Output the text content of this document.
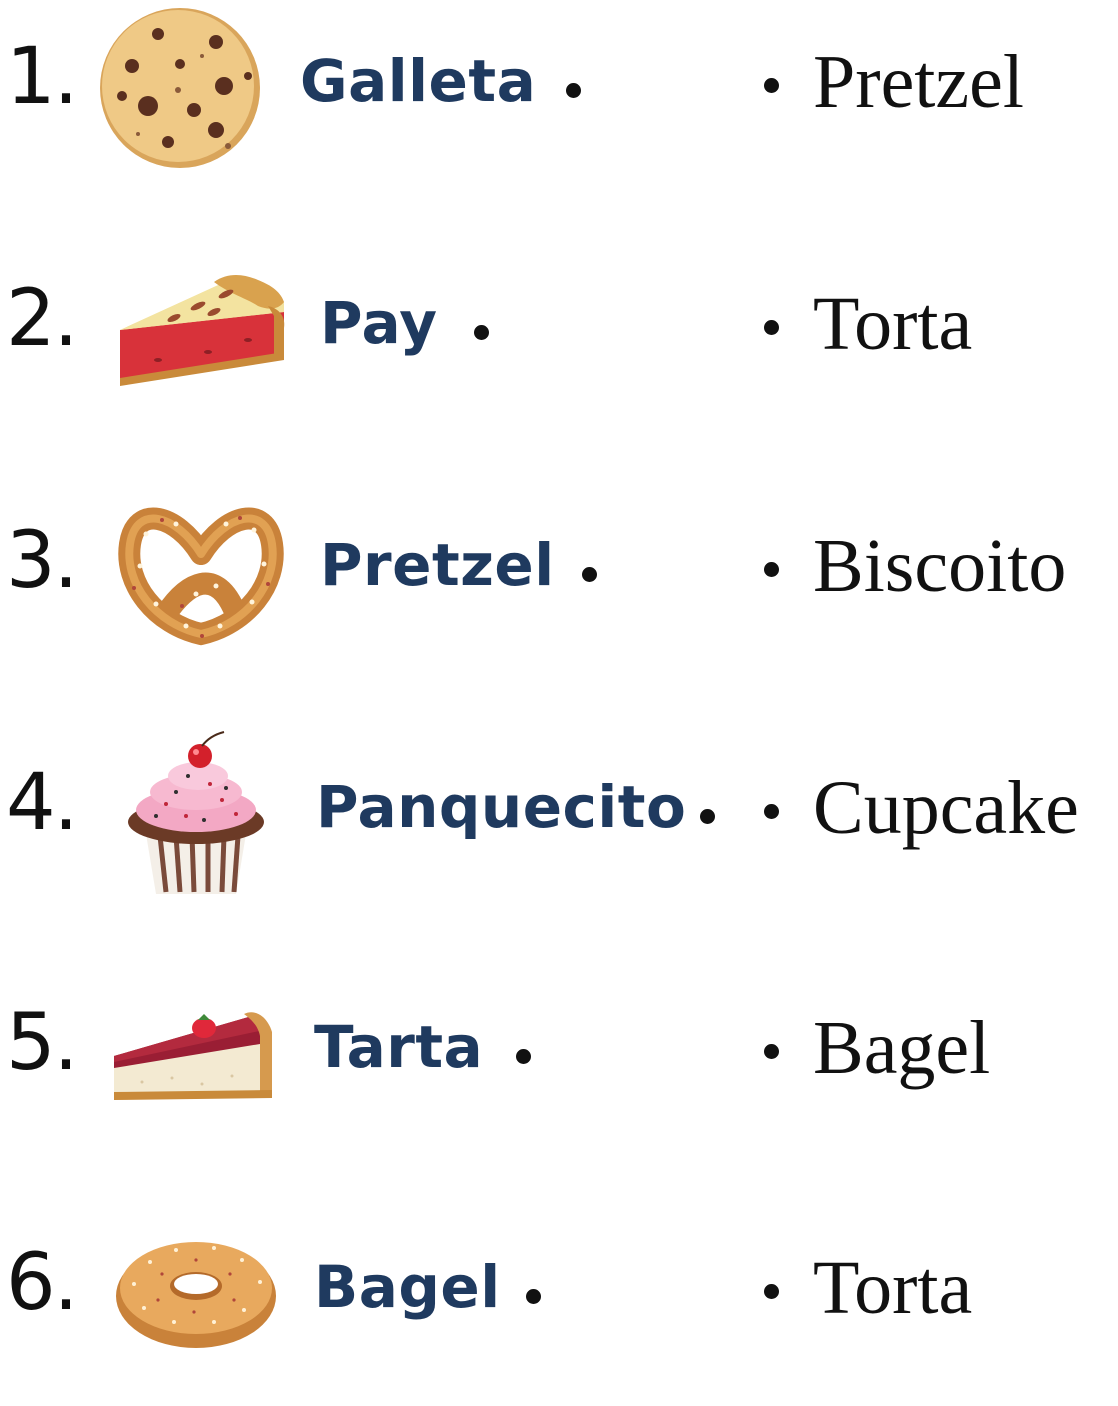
1.	Galleta	Pretzel
2.	Pay	Torta
3.	Pretzel	Biscoito
4.	Panquecito	Cupcake
5.	Tarta	Bagel
6.	Bagel	Torta
